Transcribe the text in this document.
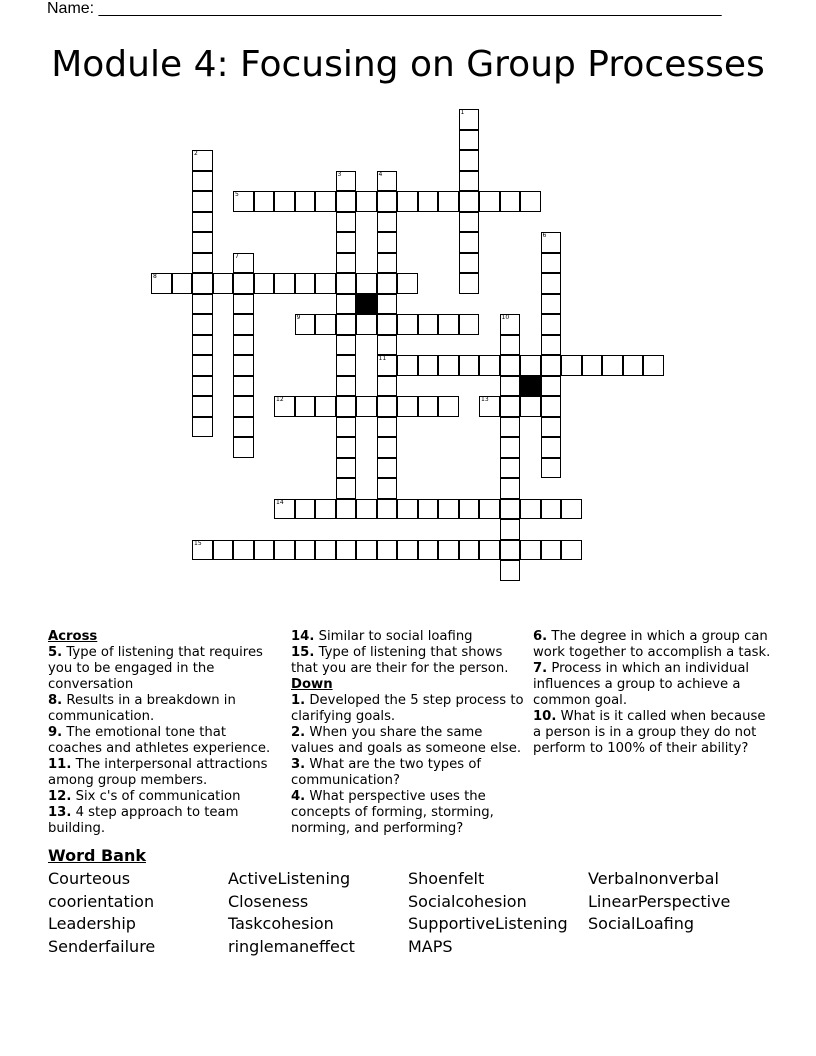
Name: ______________________________________________________________________
Module 4: Focusing on Group Processes
1
2
3	4
11
5
6
7
8
9	10
12	13
14
15
Across
5. Type of listening that requires you to be engaged in the conversation
8. Results in a breakdown in communication.
9. The emotional tone that coaches and athletes experience.
11. The interpersonal attractions among group members.
12. Six c's of communication
13. 4 step approach to team building.
14. Similar to social loafing
15. Type of listening that shows that you are their for the person.
Down
1. Developed the 5 step process to clarifying goals.
2. When you share the same values and goals as someone else.
3. What are the two types of communication?
4. What perspective uses the concepts of forming, storming, norming, and performing?
6. The degree in which a group can work together to accomplish a task.
7. Process in which an individual influences a group to achieve a common goal.
10. What is it called when because a person is in a group they do not perform to 100% of their ability?
Word Bank
Courteous	ActiveListening	Shoenfelt	Verbalnonverbal
coorientation	Closeness	Socialcohesion	LinearPerspective
Leadership	Taskcohesion	SupportiveListening SocialLoafing
Senderfailure	ringlemaneffect	MAPS
